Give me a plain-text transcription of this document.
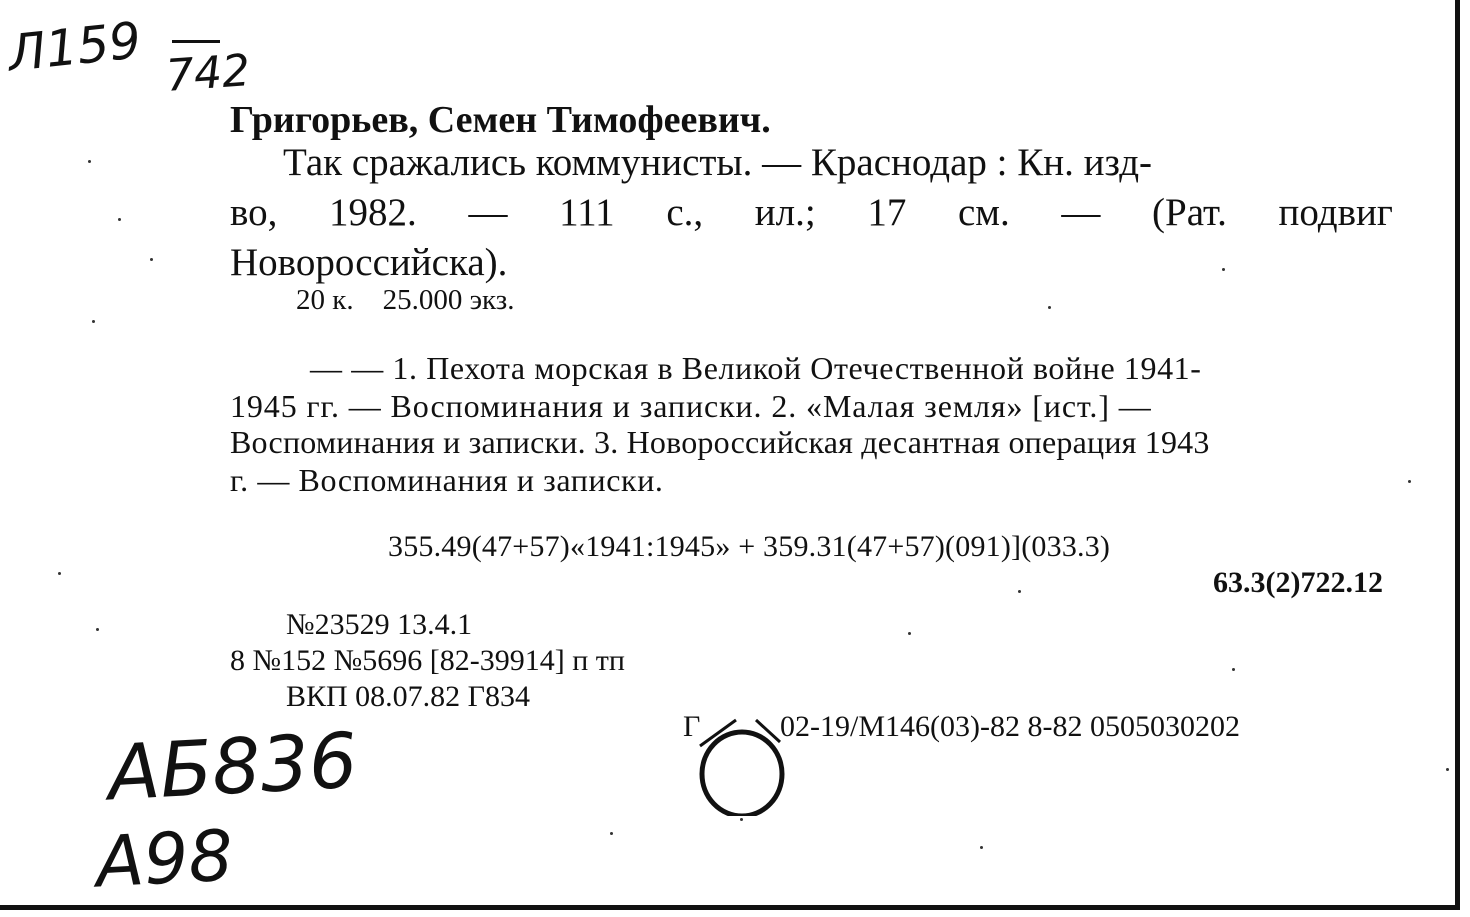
Л159 742
Григорьев, Семен Тимофеевич.
Так сражались коммунисты. — Краснодар : Кн. изд-
во, 1982. — 111 с., ил.; 17 см. — (Рат. подвиг
Новороссийска).
20 к.    25.000 экз.
— — 1. Пехота морская в Великой Отечественной войне 1941-
1945 гг. — Воспоминания и записки. 2. «Малая земля» [ист.] —
Воспоминания и записки. 3. Новороссийская десантная операция 1943
г. — Воспоминания и записки.
355.49(47+57)«1941:1945» + 359.31(47+57)(091)](033.3)
63.3(2)722.12
№23529 13.4.1
8 №152 №5696 [82-39914] п тп
ВКП 08.07.82 Г834
Г	02-19/М146(03)-82 8-82 0505030202
АБ836
А98
